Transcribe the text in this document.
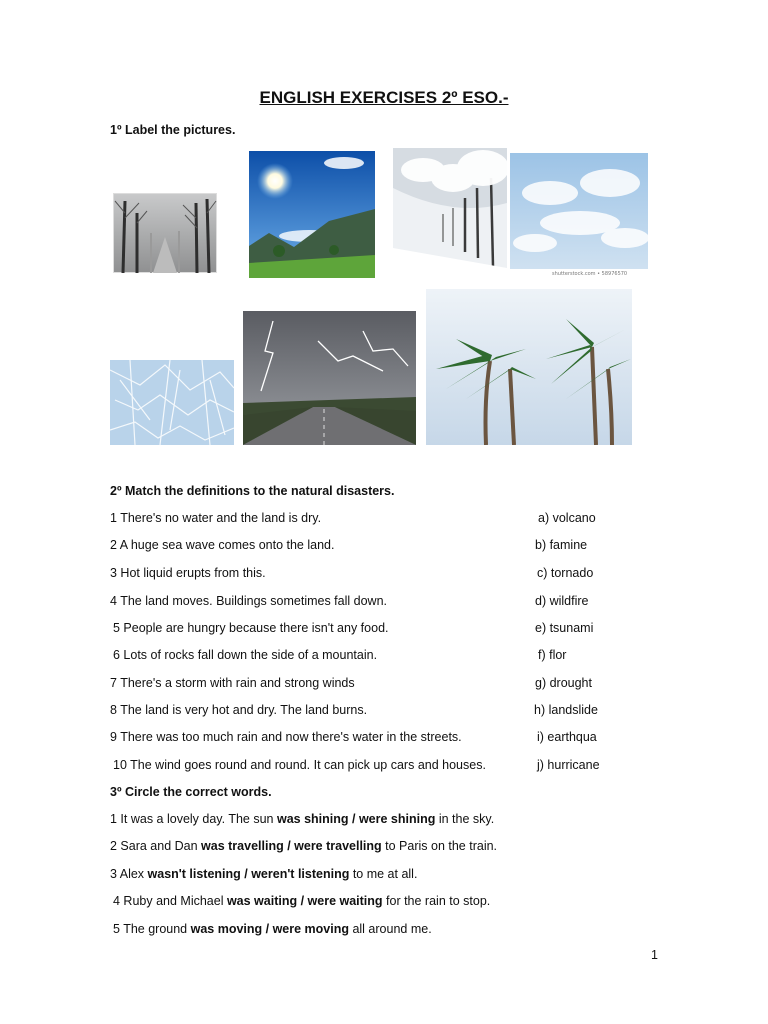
ENGLISH EXERCISES 2º ESO.-
1º Label the pictures.
shutterstock.com • 58976570
2º Match the definitions to the natural disasters.
1 There's no water and the land is dry.
2 A huge sea wave comes onto the land.
3 Hot liquid erupts from this.
4 The land moves. Buildings sometimes fall down.
5 People are hungry because there isn't any food.
6 Lots of rocks fall down the side of a mountain.
7 There's a storm with rain and strong winds
8 The land is very hot and dry. The land burns.
9 There was too much rain and now there's water in the streets.
10 The wind goes round and round. It can pick up cars and houses.
a) volcano
b) famine
c) tornado
d) wildfire
e) tsunami
f) flor
g) drought
h) landslide
i) earthqua
j) hurricane
3º Circle the correct words.
1 It was a lovely day. The sun was shining / were shining in the sky.
2 Sara and Dan was travelling / were travelling to Paris on the train.
3 Alex wasn't listening / weren't listening to me at all.
4 Ruby and Michael was waiting / were waiting for the rain to stop.
5 The ground was moving / were moving all around me.
1
